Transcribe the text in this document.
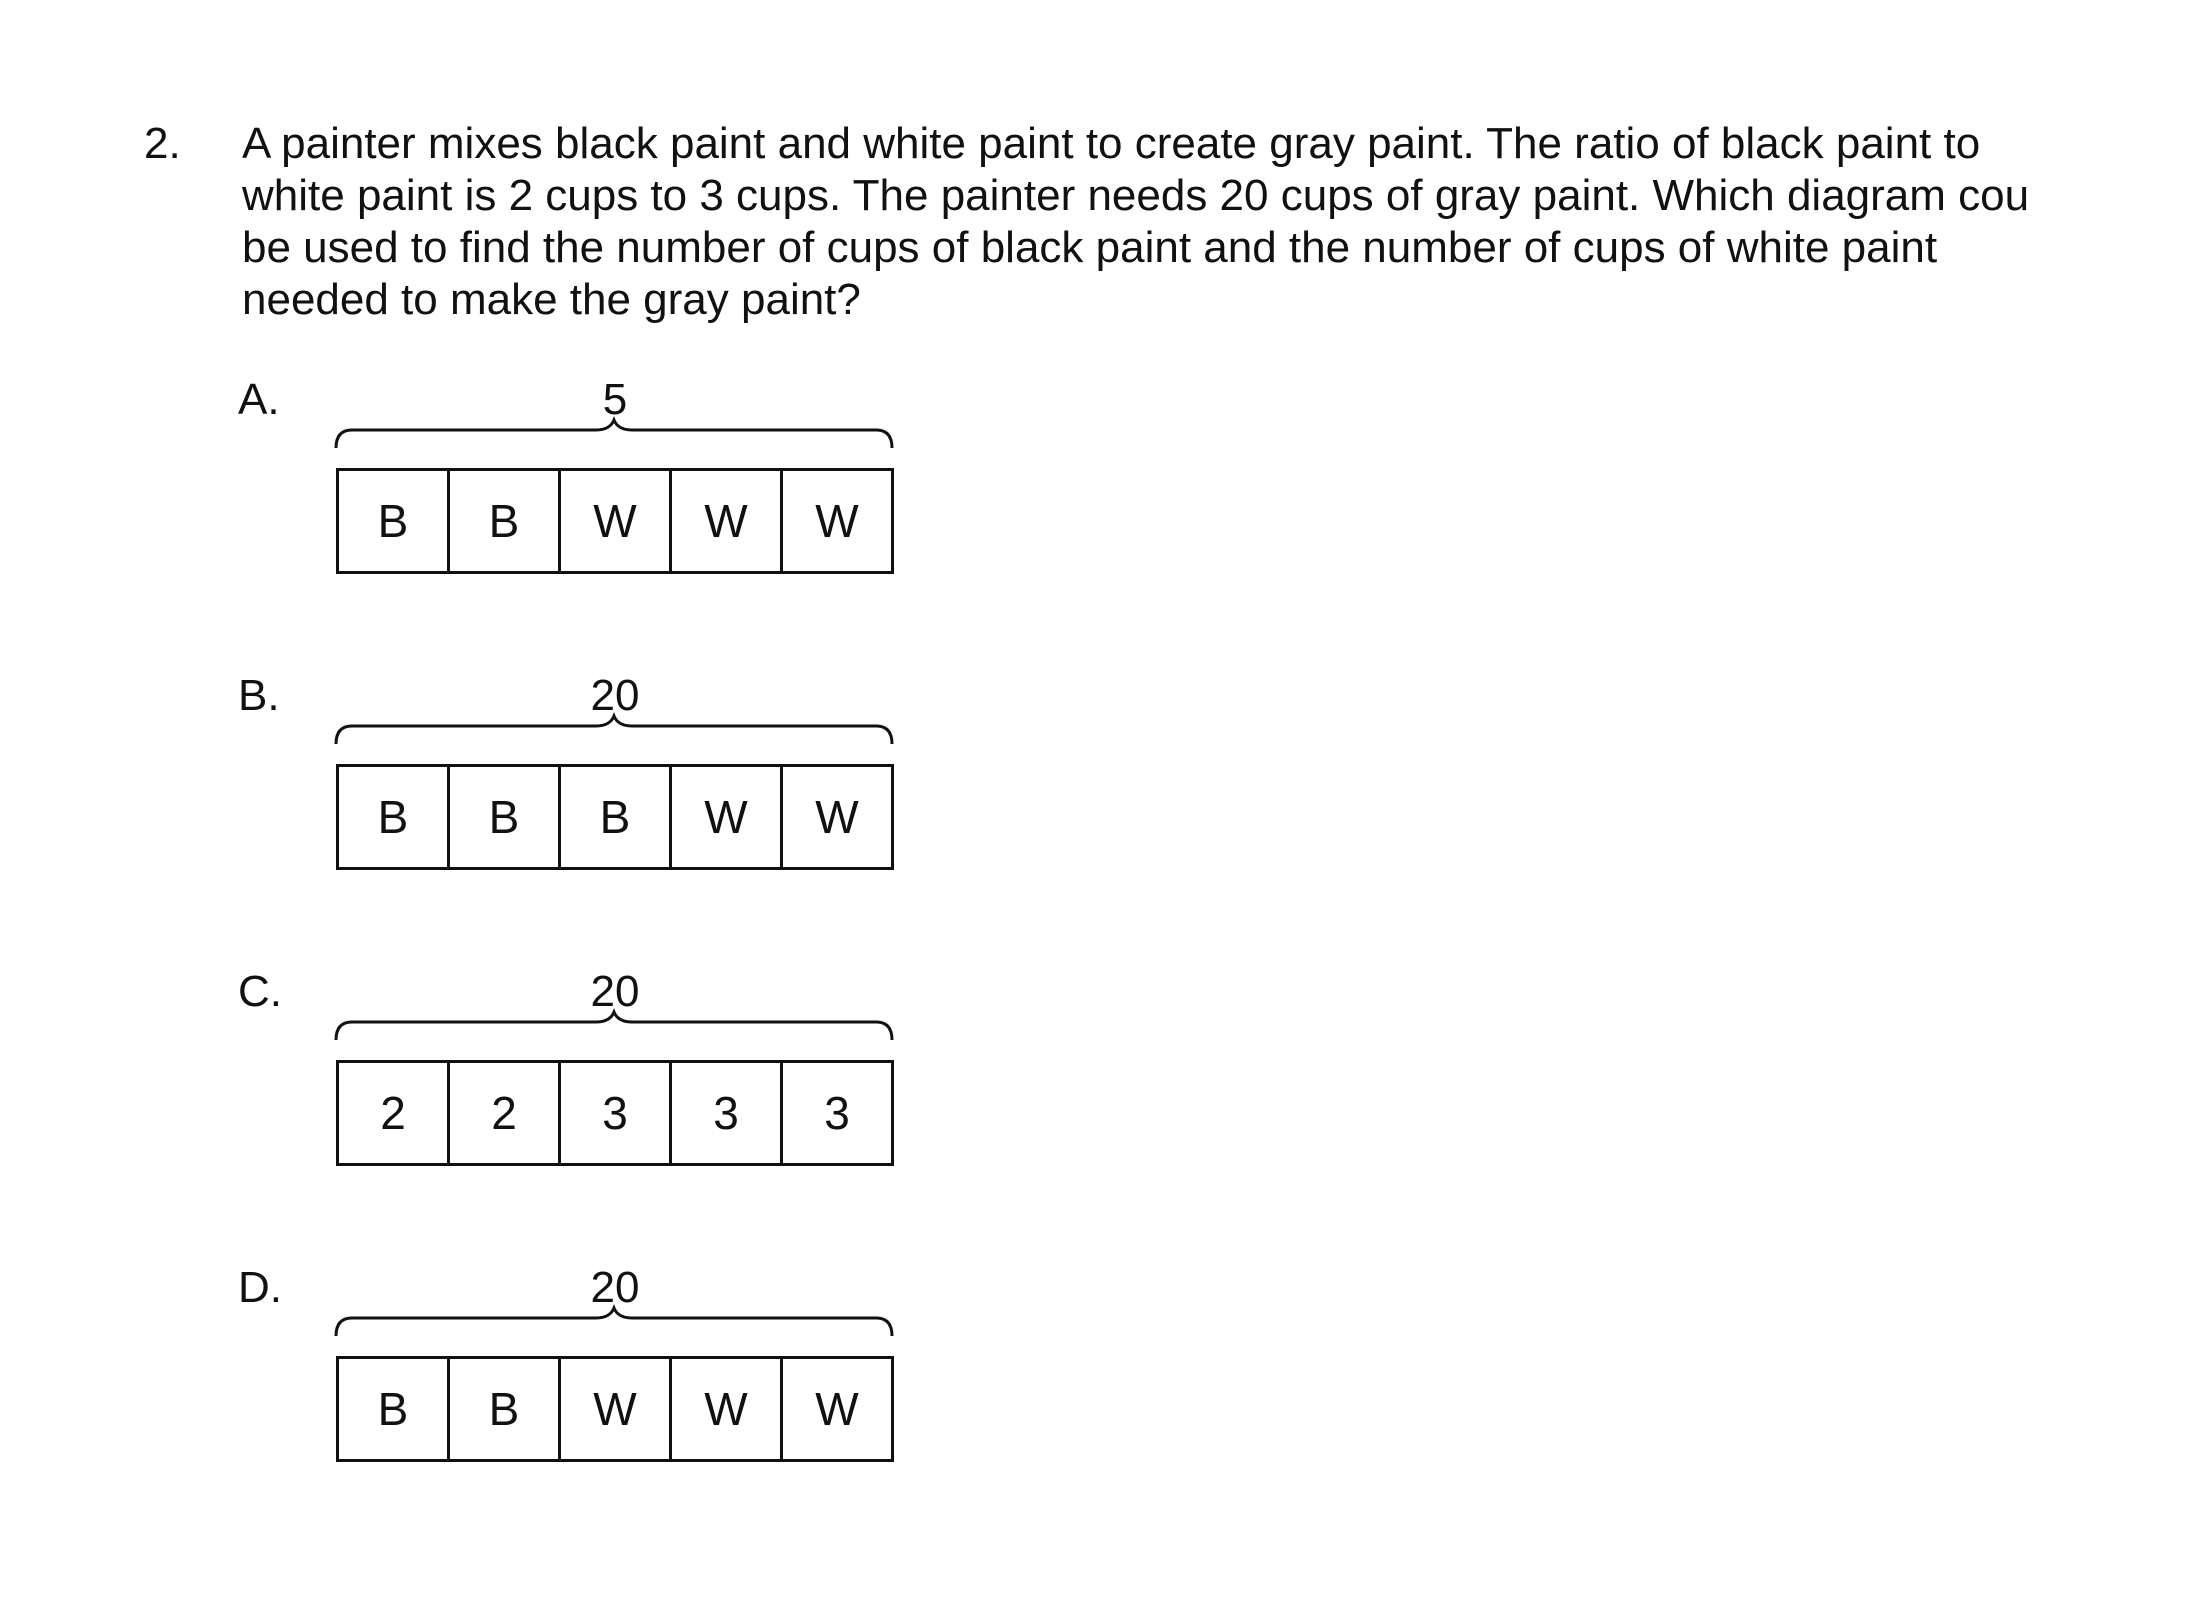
2. A painter mixes black paint and white paint to create gray paint. The ratio of black paint to
white paint is 2 cups to 3 cups. The painter needs 20 cups of gray paint. Which diagram cou
be used to find the number of cups of black paint and the number of cups of white paint
needed to make the gray paint?
A.	5
B	B	W	W	W
B.	20
B	B	B	W	W
C.	20
2	2	3	3	3
D.	20
B	B	W	W	W
